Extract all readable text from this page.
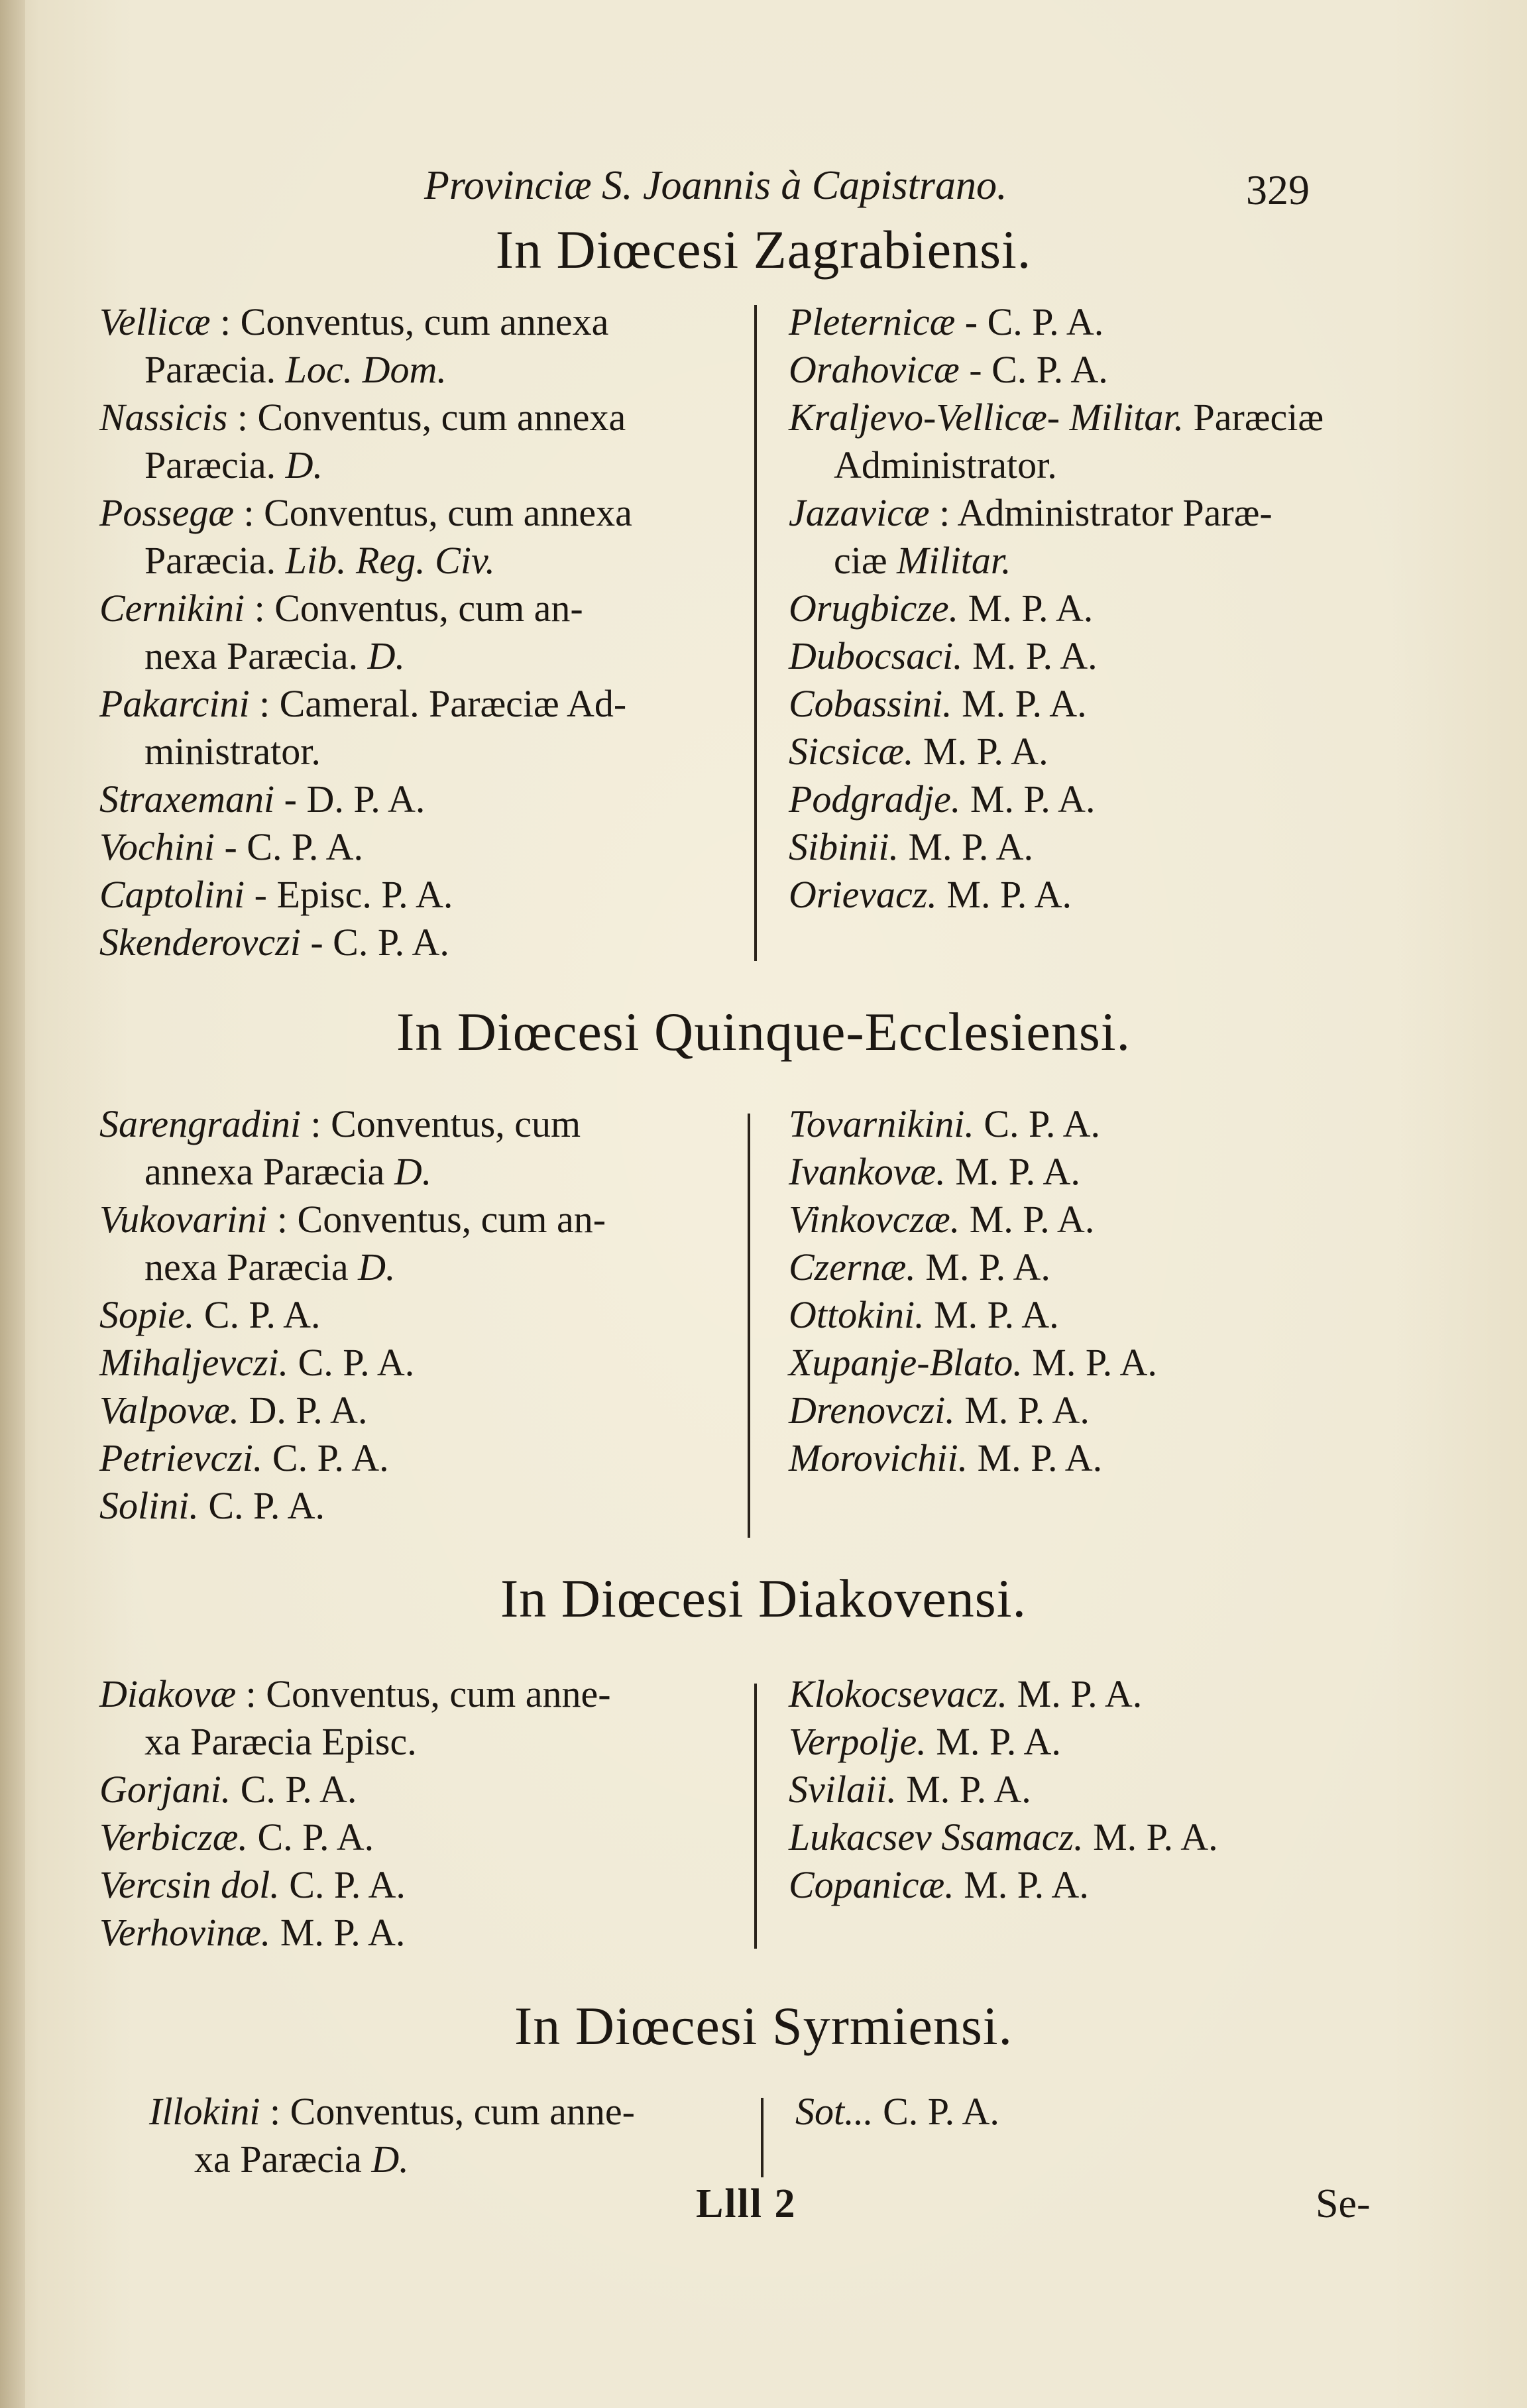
Provinciæ S. Joannis à Capistrano.	329
In Diœcesi Zagrabiensi.
Vellicæ : Conventus, cum annexa
Paræcia. Loc. Dom.
Nassicis : Conventus, cum annexa
Paræcia. D.
Possegæ : Conventus, cum annexa
Paræcia. Lib. Reg. Civ.
Cernikini : Conventus, cum an-
nexa Paræcia. D.
Pakarcini : Cameral. Paræciæ Ad-
ministrator.
Straxemani - D. P. A.
Vochini - C. P. A.
Captolini - Episc. P. A.
Skenderovczi - C. P. A.
Pleternicæ - C. P. A.
Orahovicæ - C. P. A.
Kraljevo-Vellicæ- Militar. Paræciæ
Administrator.
Jazavicæ : Administrator Paræ-
ciæ Militar.
Orugbicze. M. P. A.
Dubocsaci. M. P. A.
Cobassini. M. P. A.
Sicsicæ. M. P. A.
Podgradje. M. P. A.
Sibinii. M. P. A.
Orievacz. M. P. A.
In Diœcesi Quinque-Ecclesiensi.
Sarengradini : Conventus, cum
annexa Paræcia D.
Vukovarini : Conventus, cum an-
nexa Paræcia D.
Sopie. C. P. A.
Mihaljevczi. C. P. A.
Valpovæ. D. P. A.
Petrievczi. C. P. A.
Solini. C. P. A.
Tovarnikini. C. P. A.
Ivankovæ. M. P. A.
Vinkovczæ. M. P. A.
Czernæ. M. P. A.
Ottokini. M. P. A.
Xupanje-Blato. M. P. A.
Drenovczi. M. P. A.
Morovichii. M. P. A.
In Diœcesi Diakovensi.
Diakovæ : Conventus, cum anne-
xa Paræcia Episc.
Gorjani. C. P. A.
Verbiczæ. C. P. A.
Vercsin dol. C. P. A.
Verhovinæ. M. P. A.
Klokocsevacz. M. P. A.
Verpolje. M. P. A.
Svilaii. M. P. A.
Lukacsev Ssamacz. M. P. A.
Copanicæ. M. P. A.
In Diœcesi Syrmiensi.
Illokini : Conventus, cum anne-
xa Paræcia D.
Sot... C. P. A.
Llll 2	Se-
